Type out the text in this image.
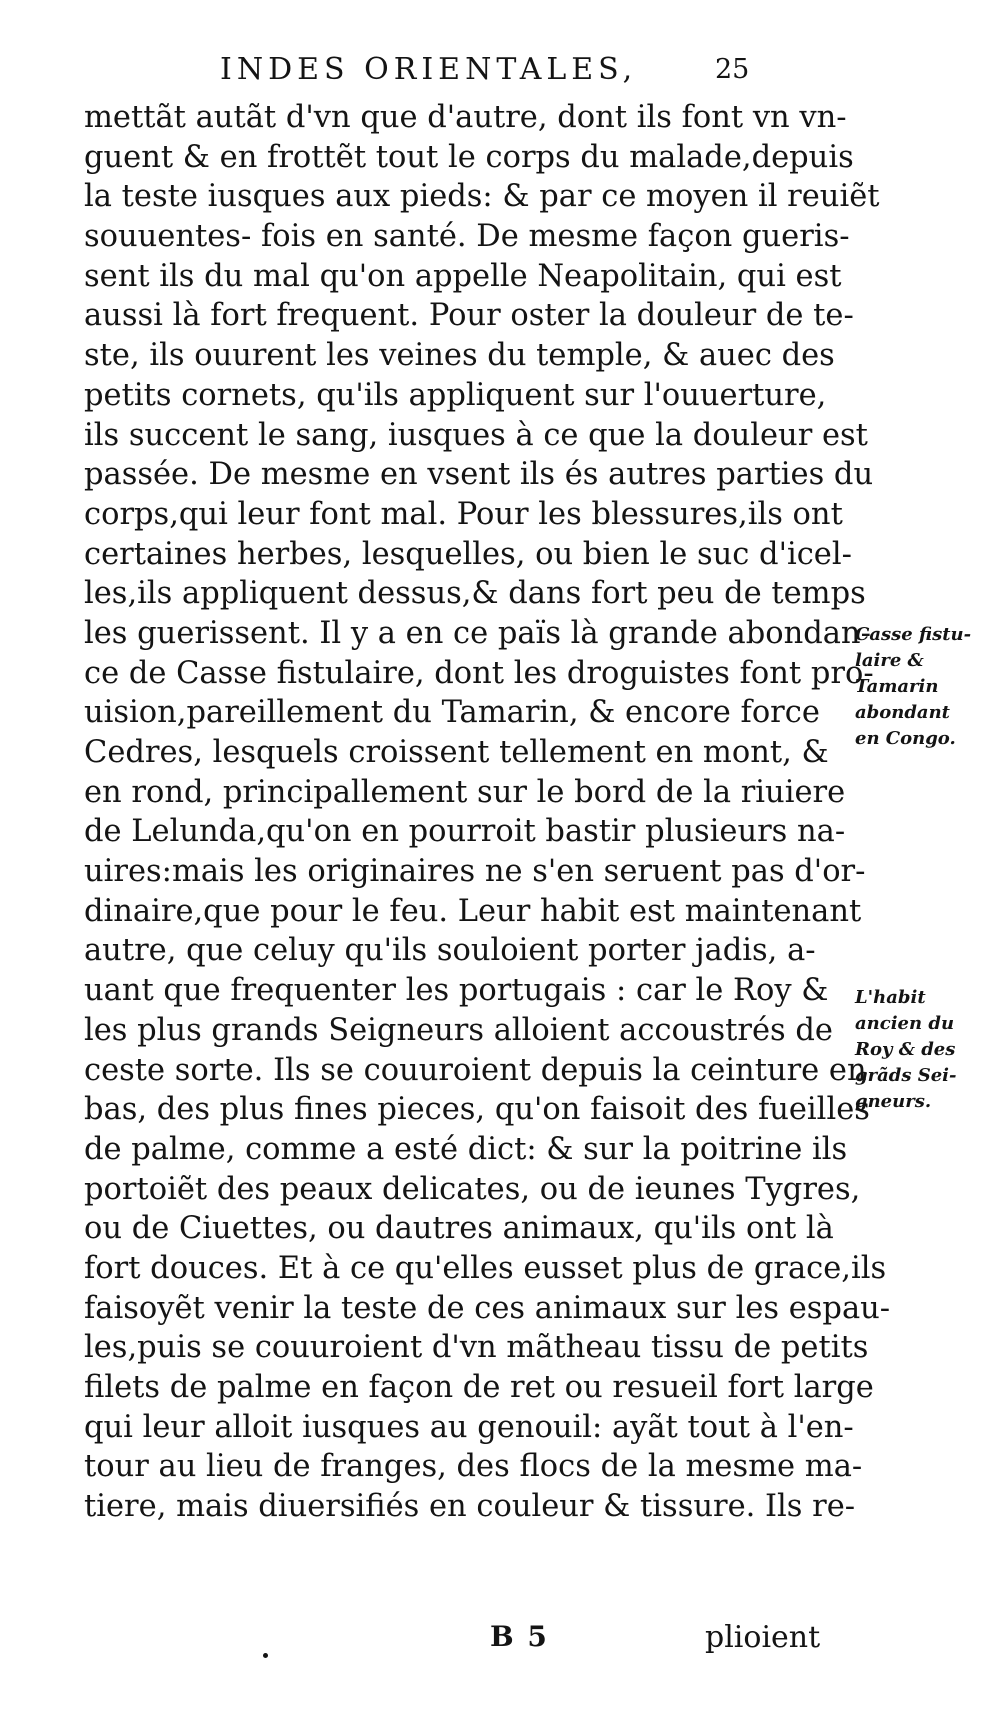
INDES ORIENTALES,	25
mettãt autãt d'vn que d'autre, dont ils font vn vn-
guent & en frottẽt tout le corps du malade,depuis
la teste iusques aux pieds: & par ce moyen il reuiẽt
souuentes- fois en santé. De mesme façon gueris-
sent ils du mal qu'on appelle Neapolitain, qui est
aussi là fort frequent. Pour oster la douleur de te-
ste, ils ouurent les veines du temple, & auec des
petits cornets, qu'ils appliquent sur l'ouuerture,
ils succent le sang, iusques à ce que la douleur est
passée. De mesme en vsent ils és autres parties du
corps,qui leur font mal. Pour les blessures,ils ont
certaines herbes, lesquelles, ou bien le suc d'icel-
les,ils appliquent dessus,& dans fort peu de temps
les guerissent. Il y a en ce païs là grande abondan-
ce de Casse fistulaire, dont les droguistes font pro-
uision,pareillement du Tamarin, & encore force
Cedres, lesquels croissent tellement en mont, &
en rond, principallement sur le bord de la riuiere
de Lelunda,qu'on en pourroit bastir plusieurs na-
uires:mais les originaires ne s'en seruent pas d'or-
dinaire,que pour le feu. Leur habit est maintenant
autre, que celuy qu'ils souloient porter jadis, a-
uant que frequenter les portugais : car le Roy &
les plus grands Seigneurs alloient accoustrés de
ceste sorte. Ils se couuroient depuis la ceinture en
bas, des plus fines pieces, qu'on faisoit des fueilles
de palme, comme a esté dict: & sur la poitrine ils
portoiẽt des peaux delicates, ou de ieunes Tygres,
ou de Ciuettes, ou dautres animaux, qu'ils ont là
fort douces. Et à ce qu'elles eusset plus de grace,ils
faisoyẽt venir la teste de ces animaux sur les espau-
les,puis se couuroient d'vn mãtheau tissu de petits
filets de palme en façon de ret ou resueil fort large
qui leur alloit iusques au genouil: ayãt tout à l'en-
tour au lieu de franges, des flocs de la mesme ma-
tiere, mais diuersifiés en couleur & tissure. Ils re-
Casse fistu-
laire &
Tamarin
abondant
en Congo.
L'habit
ancien du
Roy & des
grãds Sei-
gneurs.
B 5	plioient
